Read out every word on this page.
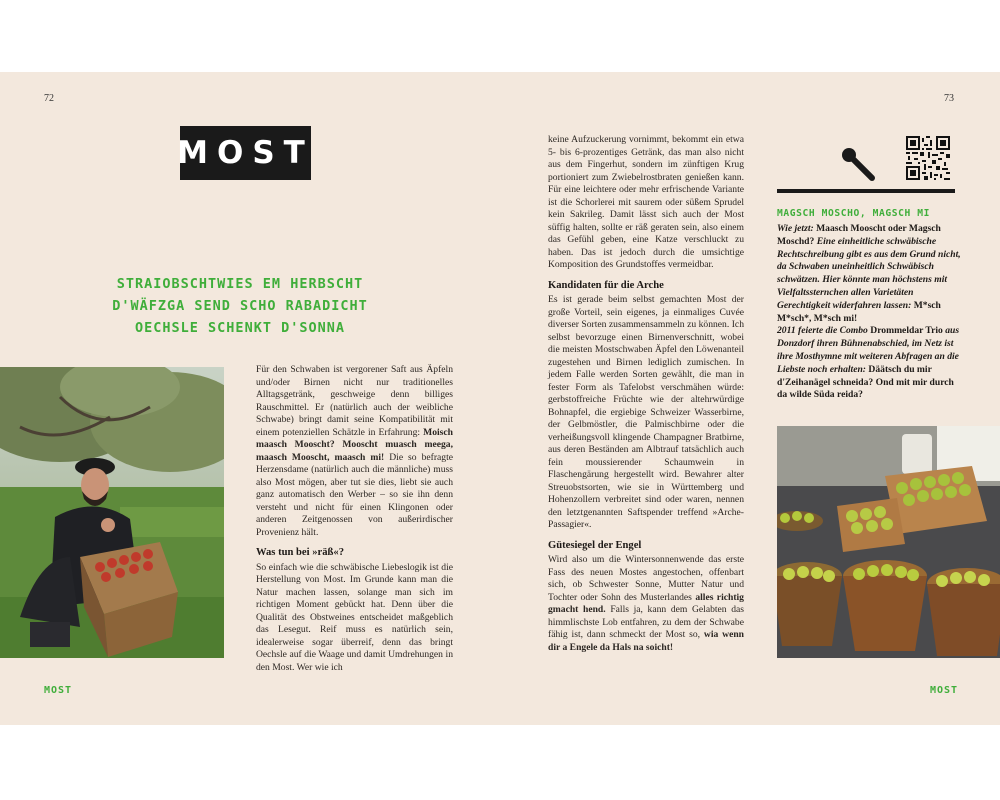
72
MOST
STRAIOBSCHTWIES EM HERBSCHT
D'WÄFZGA SEND SCHO RABADICHT
OECHSLE SCHENKT D'SONNA

Für den Schwaben ist vergorener Saft aus Äpfeln und/oder Birnen nicht nur traditionelles Alltagsgetränk, geschweige denn billiges Rauschmittel. Er (natürlich auch der weibliche Schwabe) bringt damit seine Kompatibilität mit einem potenziellen Schätzle in Erfahrung: Moisch maasch Mooscht? Mooscht muasch meega, maasch Mooscht, maasch mi! Die so befragte Herzensdame (natürlich auch die männliche) muss also Most mögen, aber tut sie dies, liebt sie auch ganz automatisch den Werber – so sie ihn denn versteht und nicht für einen Klingonen oder anderen Zeitgenossen von außerirdischer Provenienz hält.

Was tun bei »räß«?

So einfach wie die schwäbische Liebeslogik ist die Herstellung von Most. Im Grunde kann man die Natur machen lassen, solange man sich im richtigen Moment gebückt hat. Denn über die Qualität des Obstweines entscheidet maßgeblich das Lesegut. Reif muss es natürlich sein, idealerweise sogar überreif, denn das bringt Oechsle auf die Waage und damit Umdrehungen in den Most. Wer wie ich

MOST
73

keine Aufzuckerung vornimmt, bekommt ein etwa 5- bis 6-prozentiges Getränk, das man also nicht aus dem Fingerhut, sondern im zünftigen Krug portioniert zum Zwiebelrostbraten genießen kann. Für eine leichtere oder mehr erfrischende Variante ist die Schorlerei mit saurem oder süßem Sprudel kein Sakrileg. Damit lässt sich auch der Most süffig halten, sollte er räß geraten sein, also einem das Gefühl geben, eine Katze verschluckt zu haben. Das ist jedoch durch die umsichtige Komposition des Grundstoffes vermeidbar.

Kandidaten für die Arche

Es ist gerade beim selbst gemachten Most der große Vorteil, sein eigenes, ja einmaliges Cuvée diverser Sorten zusammensammeln zu können. Ich selbst bevorzuge einen Birnenverschnitt, wobei die meisten Mostschwaben Äpfel den Löwenanteil zugestehen und Birnen lediglich zumischen. In jedem Falle werden Sorten gewählt, die man in fester Form als Tafelobst verschmähen würde: gerbstoffreiche Früchte wie der altehrwürdige Bohnapfel, die ergiebige Schweizer Wasserbirne, der Gelbmöstler, die Palmischbirne oder die verheißungsvoll klingende Champagner Bratbirne, aus deren Beständen am Albtrauf tatsächlich auch fein moussierender Schaumwein in Flaschengärung hergestellt wird. Bewahrer alter Streuobstsorten, wie sie in Württemberg und Hohenzollern verbreitet sind oder waren, nennen den letztgenannten Saftspender treffend »Arche-Passagier«.

Gütesiegel der Engel

Wird also um die Wintersonnenwende das erste Fass des neuen Mostes angestochen, offenbart sich, ob Schwester Sonne, Mutter Natur und Tochter oder Sohn des Musterlandes alles richtig gmacht hend. Falls ja, kann dem Gelabten das himmlischste Lob entfahren, zu dem der Schwabe fähig ist, dann schmeckt der Most so, wia wenn dir a Engele da Hals na soicht!

MAGSCH MOSCHO, MAGSCH MI
Wie jetzt: Maasch Mooscht oder Magsch Moschd? Eine einheitliche schwäbische Rechtschreibung gibt es aus dem Grund nicht, da Schwaben uneinheitlich Schwäbisch schwätzen. Hier könnte man höchstens mit Vielfaltssternchen allen Varietäten Gerechtigkeit widerfahren lassen: M*sch M*sch*, M*sch mi!
2011 feierte die Combo Drommeldar Trio aus Donzdorf ihren Bühnenabschied, im Netz ist ihre Mosthymne mit weiteren Abfragen an die Liebste noch erhalten: Däätsch du mir d'Zeihanägel schneida? Ond mit mir durch da wilde Süda reida?
MOST
